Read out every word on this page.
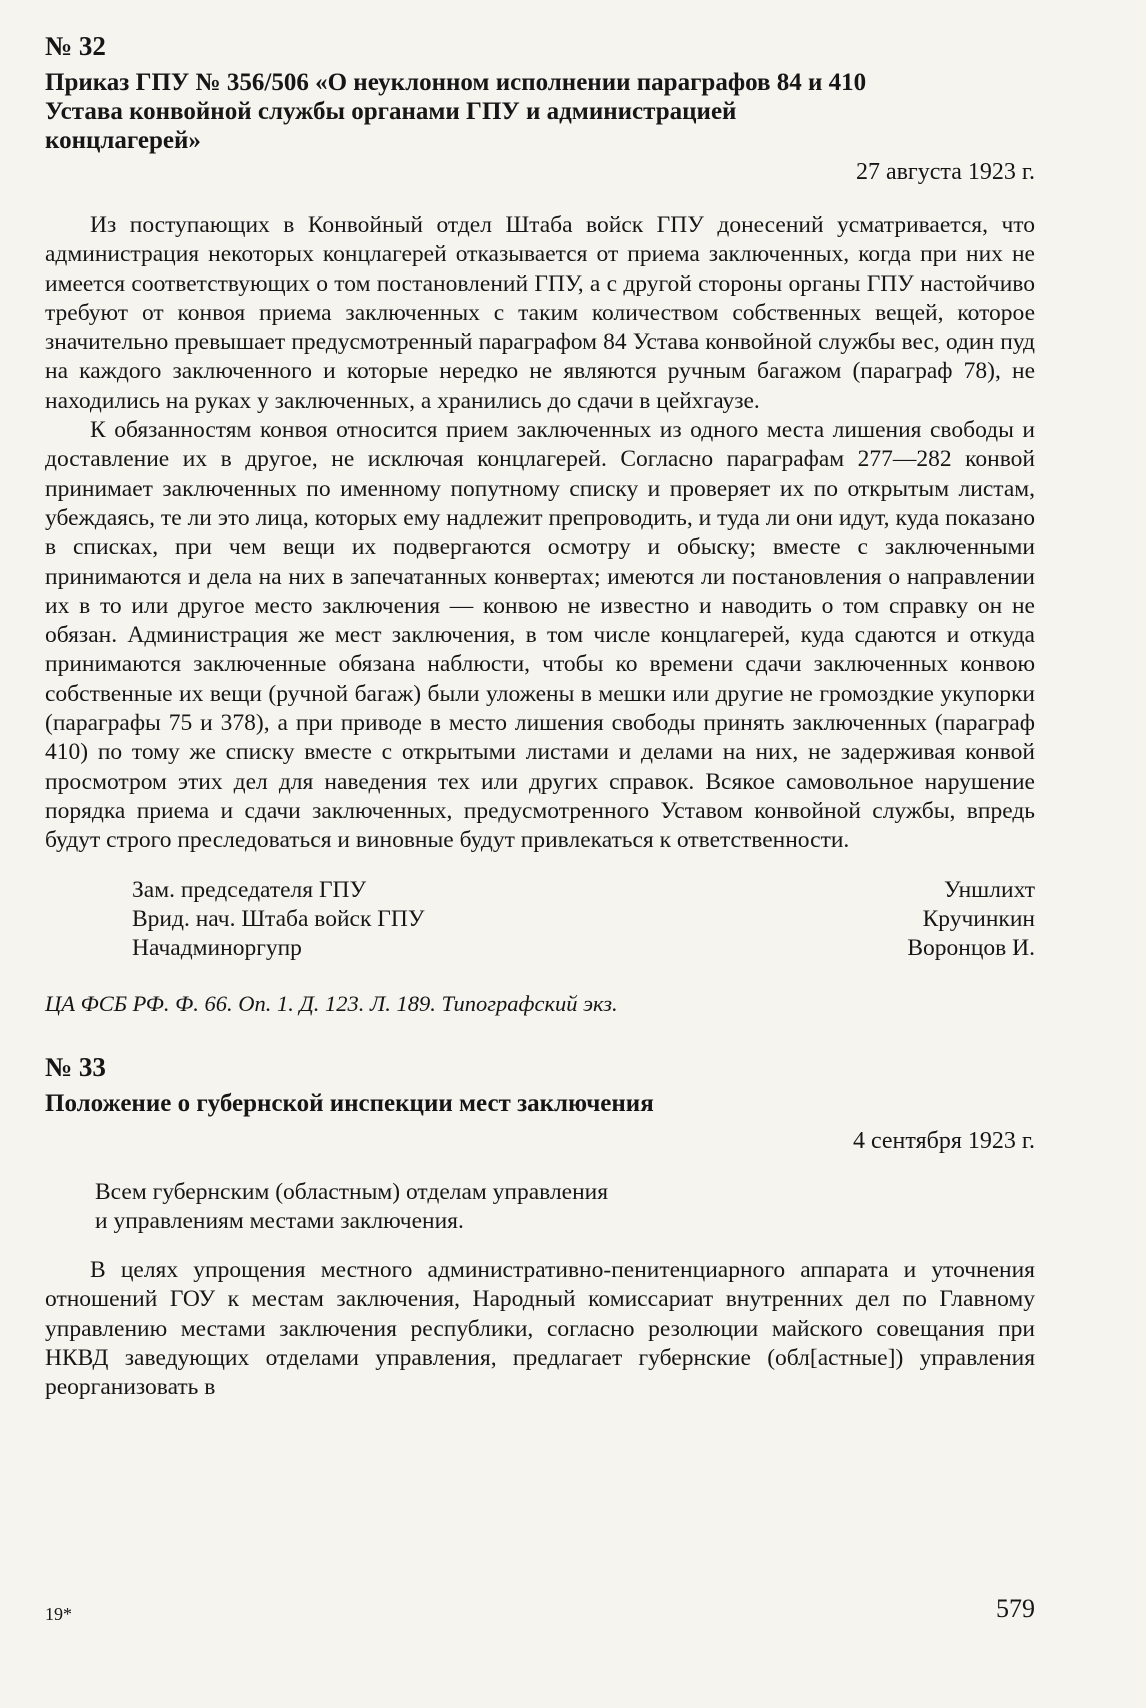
№ 32
Приказ ГПУ № 356/506 «О неуклонном исполнении параграфов 84 и 410 Устава конвойной службы органами ГПУ и администрацией концлагерей»
27 августа 1923 г.

Из поступающих в Конвойный отдел Штаба войск ГПУ донесений усматривается, что администрация некоторых концлагерей отказывается от приема заключенных, когда при них не имеется соответствующих о том постановлений ГПУ, а с другой стороны органы ГПУ настойчиво требуют от конвоя приема заключенных с таким количеством собственных вещей, которое значительно превышает предусмотренный параграфом 84 Устава конвойной службы вес, один пуд на каждого заключенного и которые нередко не являются ручным багажом (параграф 78), не находились на руках у заключенных, а хранились до сдачи в цейхгаузе.

К обязанностям конвоя относится прием заключенных из одного места лишения свободы и доставление их в другое, не исключая концлагерей. Согласно параграфам 277—282 конвой принимает заключенных по именному попутному списку и проверяет их по открытым листам, убеждаясь, те ли это лица, которых ему надлежит препроводить, и туда ли они идут, куда показано в списках, при чем вещи их подвергаются осмотру и обыску; вместе с заключенными принимаются и дела на них в запечатанных конвертах; имеются ли постановления о направлении их в то или другое место заключения — конвою не известно и наводить о том справку он не обязан. Администрация же мест заключения, в том числе концлагерей, куда сдаются и откуда принимаются заключенные обязана наблюсти, чтобы ко времени сдачи заключенных конвою собственные их вещи (ручной багаж) были уложены в мешки или другие не громоздкие укупорки (параграфы 75 и 378), а при приводе в место лишения свободы принять заключенных (параграф 410) по тому же списку вместе с открытыми листами и делами на них, не задерживая конвой просмотром этих дел для наведения тех или других справок. Всякое самовольное нарушение порядка приема и сдачи заключенных, предусмотренного Уставом конвойной службы, впредь будут строго преследоваться и виновные будут привлекаться к ответственности.

Зам. председателя ГПУ	Уншлихт
Врид. нач. Штаба войск ГПУ	Кручинкин
Начадминоргупр	Воронцов И.
ЦА ФСБ РФ. Ф. 66. Оп. 1. Д. 123. Л. 189. Типографский экз.
№ 33
Положение о губернской инспекции мест заключения
4 сентября 1923 г.
Всем губернским (областным) отделам управления
и управлениям местами заключения.

В целях упрощения местного административно-пенитенциарного аппарата и уточнения отношений ГОУ к местам заключения, Народный комиссариат внутренних дел по Главному управлению местами заключения республики, согласно резолюции майского совещания при НКВД заведующих отделами управления, предлагает губернские (обл[астные]) управления реорганизовать в

19*	579
